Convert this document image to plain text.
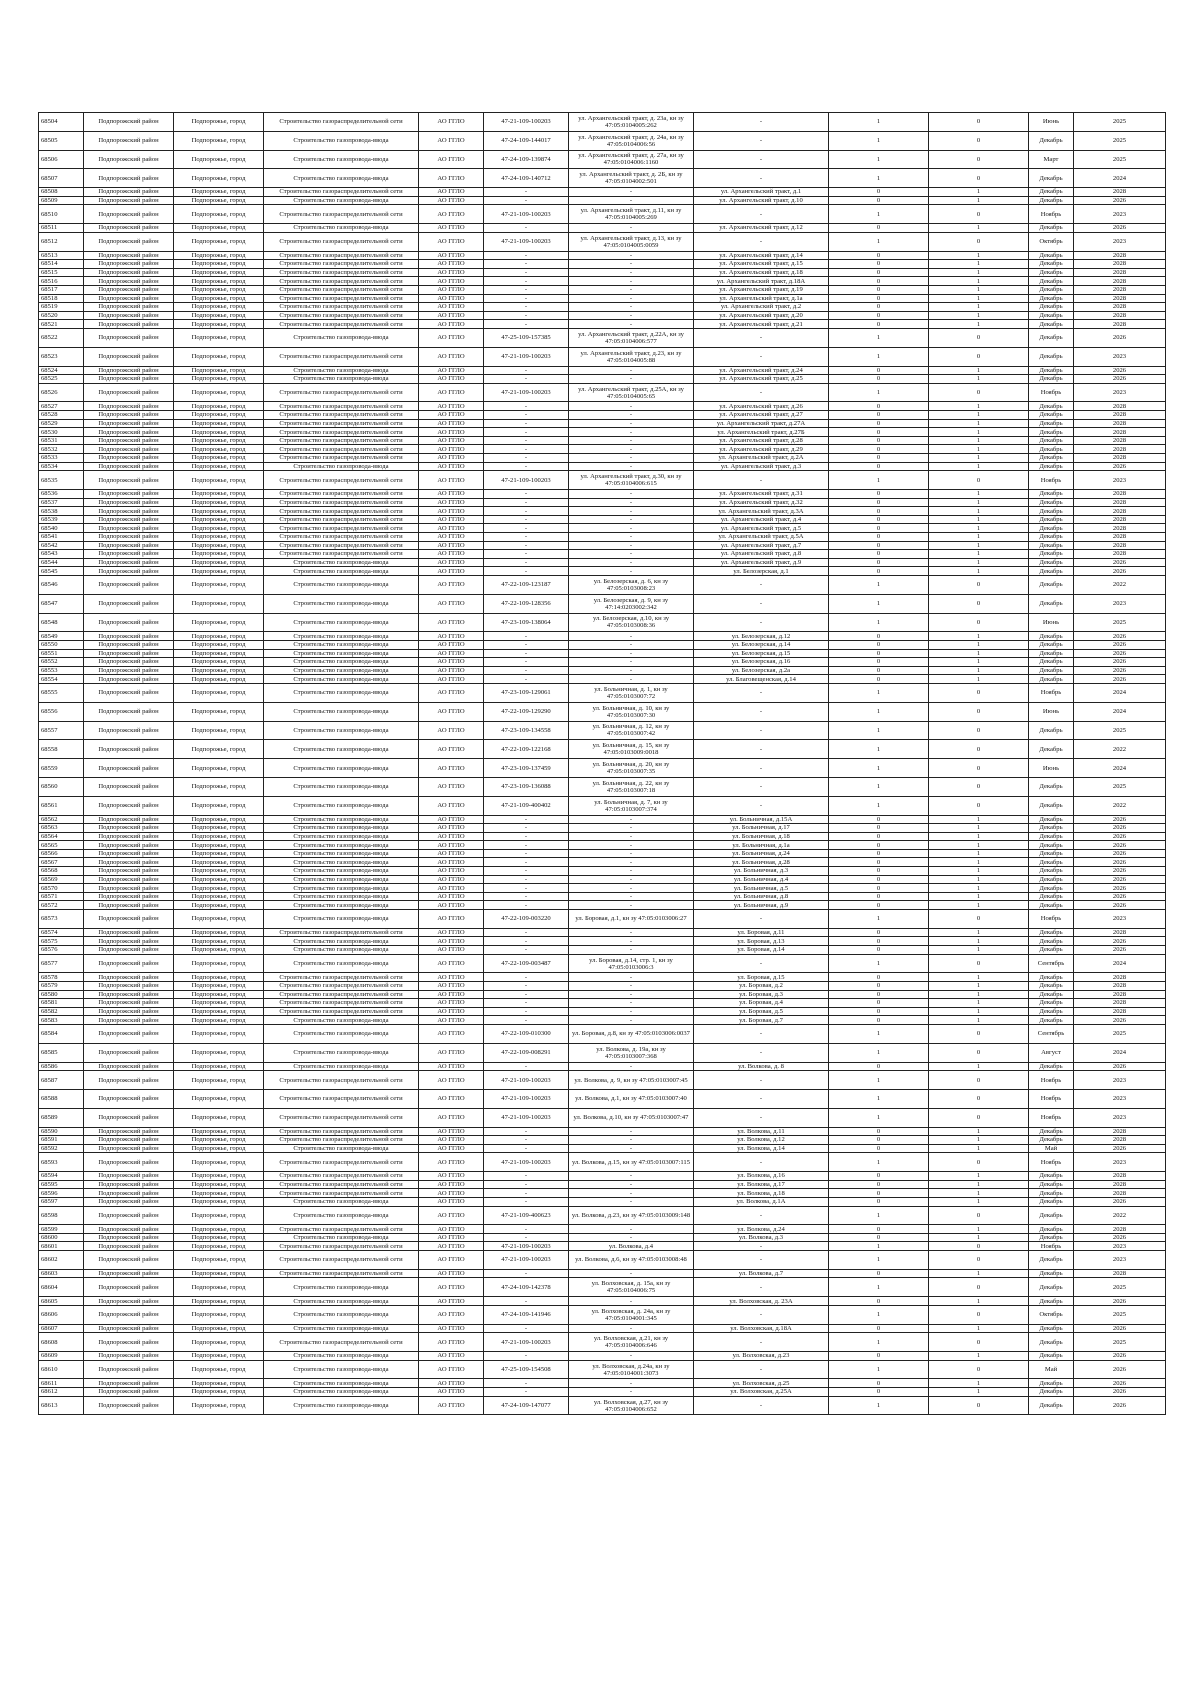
68504	Подпорожский район	Подпорожье, город	Строительство газораспределительной сети	АО ГГЛО	47-21-109-100203	ул. Архангельский тракт, д. 23а, кн зу 47:05:0104005:262	-	1	0	Июнь	2025
68505	Подпорожский район	Подпорожье, город	Строительство газопровода-ввода	АО ГГЛО	47-24-109-144017	ул. Архангельский тракт, д. 24а, кн зу 47:05:0104006:56	-	1	0	Декабрь	2025
68506	Подпорожский район	Подпорожье, город	Строительство газопровода-ввода	АО ГГЛО	47-24-109-139874	ул. Архангельский тракт, д. 27а, кн зу 47:05:0104006:1160	-	1	0	Март	2025
68507	Подпорожский район	Подпорожье, город	Строительство газопровода-ввода	АО ГГЛО	47-24-109-140712	ул. Архангельский тракт, д. 2Б, кн зу 47:05:0104002:501	-	1	0	Декабрь	2024
68508	Подпорожский район	Подпорожье, город	Строительство газораспределительной сети	АО ГГЛО	-	-	ул. Архангельский тракт, д.1	0	1	Декабрь	2028
68509	Подпорожский район	Подпорожье, город	Строительство газопровода-ввода	АО ГГЛО	-	-	ул. Архангельский тракт, д.10	0	1	Декабрь	2026
68510	Подпорожский район	Подпорожье, город	Строительство газораспределительной сети	АО ГГЛО	47-21-109-100203	ул. Архангельский тракт, д.11, кн зу 47:05:0104005:269	-	1	0	Ноябрь	2023
68511	Подпорожский район	Подпорожье, город	Строительство газопровода-ввода	АО ГГЛО	-	-	ул. Архангельский тракт, д.12	0	1	Декабрь	2026
68512	Подпорожский район	Подпорожье, город	Строительство газораспределительной сети	АО ГГЛО	47-21-109-100203	ул. Архангельский тракт, д.13, кн зу 47:05:0104005:0059	-	1	0	Октябрь	2023
68513	Подпорожский район	Подпорожье, город	Строительство газораспределительной сети	АО ГГЛО	-	-	ул. Архангельский тракт, д.14	0	1	Декабрь	2028
68514	Подпорожский район	Подпорожье, город	Строительство газораспределительной сети	АО ГГЛО	-	-	ул. Архангельский тракт, д.15	0	1	Декабрь	2028
68515	Подпорожский район	Подпорожье, город	Строительство газораспределительной сети	АО ГГЛО	-	-	ул. Архангельский тракт, д.18	0	1	Декабрь	2028
68516	Подпорожский район	Подпорожье, город	Строительство газораспределительной сети	АО ГГЛО	-	-	ул. Архангельский тракт, д.18А	0	1	Декабрь	2028
68517	Подпорожский район	Подпорожье, город	Строительство газораспределительной сети	АО ГГЛО	-	-	ул. Архангельский тракт, д.19	0	1	Декабрь	2028
68518	Подпорожский район	Подпорожье, город	Строительство газораспределительной сети	АО ГГЛО	-	-	ул. Архангельский тракт, д.1а	0	1	Декабрь	2028
68519	Подпорожский район	Подпорожье, город	Строительство газораспределительной сети	АО ГГЛО	-	-	ул. Архангельский тракт, д.2	0	1	Декабрь	2028
68520	Подпорожский район	Подпорожье, город	Строительство газораспределительной сети	АО ГГЛО	-	-	ул. Архангельский тракт, д.20	0	1	Декабрь	2028
68521	Подпорожский район	Подпорожье, город	Строительство газораспределительной сети	АО ГГЛО	-	-	ул. Архангельский тракт, д.21	0	1	Декабрь	2028
68522	Подпорожский район	Подпорожье, город	Строительство газопровода-ввода	АО ГГЛО	47-25-109-157385	ул. Архангельский тракт, д.22А, кн зу 47:05:0104006:577	-	1	0	Декабрь	2026
68523	Подпорожский район	Подпорожье, город	Строительство газораспределительной сети	АО ГГЛО	47-21-109-100203	ул. Архангельский тракт, д.23, кн зу 47:05:0104005:88	-	1	0	Декабрь	2023
68524	Подпорожский район	Подпорожье, город	Строительство газопровода-ввода	АО ГГЛО	-	-	ул. Архангельский тракт, д.24	0	1	Декабрь	2026
68525	Подпорожский район	Подпорожье, город	Строительство газопровода-ввода	АО ГГЛО	-	-	ул. Архангельский тракт, д.25	0	1	Декабрь	2026
68526	Подпорожский район	Подпорожье, город	Строительство газораспределительной сети	АО ГГЛО	47-21-109-100203	ул. Архангельский тракт, д.25А, кн зу 47:05:0104005:65	-	1	0	Ноябрь	2023
68527	Подпорожский район	Подпорожье, город	Строительство газораспределительной сети	АО ГГЛО	-	-	ул. Архангельский тракт, д.26	0	1	Декабрь	2028
68528	Подпорожский район	Подпорожье, город	Строительство газораспределительной сети	АО ГГЛО	-	-	ул. Архангельский тракт, д.27	0	1	Декабрь	2028
68529	Подпорожский район	Подпорожье, город	Строительство газораспределительной сети	АО ГГЛО	-	-	ул. Архангельский тракт, д.27А	0	1	Декабрь	2028
68530	Подпорожский район	Подпорожье, город	Строительство газораспределительной сети	АО ГГЛО	-	-	ул. Архангельский тракт, д.27Б	0	1	Декабрь	2028
68531	Подпорожский район	Подпорожье, город	Строительство газораспределительной сети	АО ГГЛО	-	-	ул. Архангельский тракт, д.28	0	1	Декабрь	2028
68532	Подпорожский район	Подпорожье, город	Строительство газораспределительной сети	АО ГГЛО	-	-	ул. Архангельский тракт, д.29	0	1	Декабрь	2028
68533	Подпорожский район	Подпорожье, город	Строительство газораспределительной сети	АО ГГЛО	-	-	ул. Архангельский тракт, д.2А	0	1	Декабрь	2028
68534	Подпорожский район	Подпорожье, город	Строительство газопровода-ввода	АО ГГЛО	-	-	ул. Архангельский тракт, д.3	0	1	Декабрь	2026
68535	Подпорожский район	Подпорожье, город	Строительство газораспределительной сети	АО ГГЛО	47-21-109-100203	ул. Архангельский тракт, д.30, кн зу 47:05:0104006:615	-	1	0	Ноябрь	2023
68536	Подпорожский район	Подпорожье, город	Строительство газораспределительной сети	АО ГГЛО	-	-	ул. Архангельский тракт, д.31	0	1	Декабрь	2028
68537	Подпорожский район	Подпорожье, город	Строительство газораспределительной сети	АО ГГЛО	-	-	ул. Архангельский тракт, д.32	0	1	Декабрь	2028
68538	Подпорожский район	Подпорожье, город	Строительство газораспределительной сети	АО ГГЛО	-	-	ул. Архангельский тракт, д.3А	0	1	Декабрь	2028
68539	Подпорожский район	Подпорожье, город	Строительство газораспределительной сети	АО ГГЛО	-	-	ул. Архангельский тракт, д.4	0	1	Декабрь	2028
68540	Подпорожский район	Подпорожье, город	Строительство газораспределительной сети	АО ГГЛО	-	-	ул. Архангельский тракт, д.5	0	1	Декабрь	2028
68541	Подпорожский район	Подпорожье, город	Строительство газораспределительной сети	АО ГГЛО	-	-	ул. Архангельский тракт, д.5А	0	1	Декабрь	2028
68542	Подпорожский район	Подпорожье, город	Строительство газораспределительной сети	АО ГГЛО	-	-	ул. Архангельский тракт, д.7	0	1	Декабрь	2028
68543	Подпорожский район	Подпорожье, город	Строительство газораспределительной сети	АО ГГЛО	-	-	ул. Архангельский тракт, д.8	0	1	Декабрь	2028
68544	Подпорожский район	Подпорожье, город	Строительство газопровода-ввода	АО ГГЛО	-	-	ул. Архангельский тракт, д.9	0	1	Декабрь	2026
68545	Подпорожский район	Подпорожье, город	Строительство газопровода-ввода	АО ГГЛО	-	-	ул. Белозерская, д.1	0	1	Декабрь	2026
68546	Подпорожский район	Подпорожье, город	Строительство газопровода-ввода	АО ГГЛО	47-22-109-123187	ул. Белозерская, д. 6, кн зу 47:05:0103008:23	-	1	0	Декабрь	2022
68547	Подпорожский район	Подпорожье, город	Строительство газопровода-ввода	АО ГГЛО	47-22-109-128356	ул. Белозерская, д. 9, кн зу 47:14:0203002:342	-	1	0	Декабрь	2023
68548	Подпорожский район	Подпорожье, город	Строительство газопровода-ввода	АО ГГЛО	47-23-109-138064	ул. Белозерская, д.10, кн зу 47:05:0103008:36	-	1	0	Июнь	2025
68549	Подпорожский район	Подпорожье, город	Строительство газопровода-ввода	АО ГГЛО	-	-	ул. Белозерская, д.12	0	1	Декабрь	2026
68550	Подпорожский район	Подпорожье, город	Строительство газопровода-ввода	АО ГГЛО	-	-	ул. Белозерская, д.14	0	1	Декабрь	2026
68551	Подпорожский район	Подпорожье, город	Строительство газопровода-ввода	АО ГГЛО	-	-	ул. Белозерская, д.15	0	1	Декабрь	2026
68552	Подпорожский район	Подпорожье, город	Строительство газопровода-ввода	АО ГГЛО	-	-	ул. Белозерская, д.16	0	1	Декабрь	2026
68553	Подпорожский район	Подпорожье, город	Строительство газопровода-ввода	АО ГГЛО	-	-	ул. Белозерская, д.2а	0	1	Декабрь	2026
68554	Подпорожский район	Подпорожье, город	Строительство газопровода-ввода	АО ГГЛО	-	-	ул. Благовещенская, д.14	0	1	Декабрь	2026
68555	Подпорожский район	Подпорожье, город	Строительство газопровода-ввода	АО ГГЛО	47-23-109-129061	ул. Больничная, д. 1, кн зу 47:05:0103007:72	-	1	0	Ноябрь	2024
68556	Подпорожский район	Подпорожье, город	Строительство газопровода-ввода	АО ГГЛО	47-22-109-129290	ул. Больничная, д. 10, кн зу 47:05:0103007:30	-	1	0	Июнь	2024
68557	Подпорожский район	Подпорожье, город	Строительство газопровода-ввода	АО ГГЛО	47-23-109-134558	ул. Больничная, д. 12, кн зу 47:05:0103007:42	-	1	0	Декабрь	2025
68558	Подпорожский район	Подпорожье, город	Строительство газопровода-ввода	АО ГГЛО	47-22-109-122168	ул. Больничная, д. 15, кн зу 47:05:0103009:0018	-	1	0	Декабрь	2022
68559	Подпорожский район	Подпорожье, город	Строительство газопровода-ввода	АО ГГЛО	47-23-109-137459	ул. Больничная, д. 20, кн зу 47:05:0103007:35	-	1	0	Июнь	2024
68560	Подпорожский район	Подпорожье, город	Строительство газопровода-ввода	АО ГГЛО	47-23-109-136088	ул. Больничная, д. 22, кн зу 47:05:0103007:18	-	1	0	Декабрь	2025
68561	Подпорожский район	Подпорожье, город	Строительство газопровода-ввода	АО ГГЛО	47-21-109-400402	ул. Больничная, д. 7, кн зу 47:05:0103007:374	-	1	0	Декабрь	2022
68562	Подпорожский район	Подпорожье, город	Строительство газопровода-ввода	АО ГГЛО	-	-	ул. Больничная, д.15А	0	1	Декабрь	2026
68563	Подпорожский район	Подпорожье, город	Строительство газопровода-ввода	АО ГГЛО	-	-	ул. Больничная, д.17	0	1	Декабрь	2026
68564	Подпорожский район	Подпорожье, город	Строительство газопровода-ввода	АО ГГЛО	-	-	ул. Больничная, д.18	0	1	Декабрь	2026
68565	Подпорожский район	Подпорожье, город	Строительство газопровода-ввода	АО ГГЛО	-	-	ул. Больничная, д.1а	0	1	Декабрь	2026
68566	Подпорожский район	Подпорожье, город	Строительство газопровода-ввода	АО ГГЛО	-	-	ул. Больничная, д.24	0	1	Декабрь	2026
68567	Подпорожский район	Подпорожье, город	Строительство газопровода-ввода	АО ГГЛО	-	-	ул. Больничная, д.28	0	1	Декабрь	2026
68568	Подпорожский район	Подпорожье, город	Строительство газопровода-ввода	АО ГГЛО	-	-	ул. Больничная, д.3	0	1	Декабрь	2026
68569	Подпорожский район	Подпорожье, город	Строительство газопровода-ввода	АО ГГЛО	-	-	ул. Больничная, д.4	0	1	Декабрь	2026
68570	Подпорожский район	Подпорожье, город	Строительство газопровода-ввода	АО ГГЛО	-	-	ул. Больничная, д.5	0	1	Декабрь	2026
68571	Подпорожский район	Подпорожье, город	Строительство газопровода-ввода	АО ГГЛО	-	-	ул. Больничная, д.8	0	1	Декабрь	2026
68572	Подпорожский район	Подпорожье, город	Строительство газопровода-ввода	АО ГГЛО	-	-	ул. Больничная, д.9	0	1	Декабрь	2026
68573	Подпорожский район	Подпорожье, город	Строительство газопровода-ввода	АО ГГЛО	47-22-109-003220	ул. Боровая, д.1, кн зу 47:05:0103006:27	-	1	0	Ноябрь	2023
68574	Подпорожский район	Подпорожье, город	Строительство газораспределительной сети	АО ГГЛО	-	-	ул. Боровая, д.11	0	1	Декабрь	2028
68575	Подпорожский район	Подпорожье, город	Строительство газопровода-ввода	АО ГГЛО	-	-	ул. Боровая, д.13	0	1	Декабрь	2026
68576	Подпорожский район	Подпорожье, город	Строительство газопровода-ввода	АО ГГЛО	-	-	ул. Боровая, д.14	0	1	Декабрь	2026
68577	Подпорожский район	Подпорожье, город	Строительство газопровода-ввода	АО ГГЛО	47-22-109-003487	ул. Боровая, д.14, стр. 1, кн зу 47:05:0103006:3	-	1	0	Сентябрь	2024
68578	Подпорожский район	Подпорожье, город	Строительство газораспределительной сети	АО ГГЛО	-	-	ул. Боровая, д.15	0	1	Декабрь	2028
68579	Подпорожский район	Подпорожье, город	Строительство газораспределительной сети	АО ГГЛО	-	-	ул. Боровая, д.2	0	1	Декабрь	2028
68580	Подпорожский район	Подпорожье, город	Строительство газораспределительной сети	АО ГГЛО	-	-	ул. Боровая, д.3	0	1	Декабрь	2028
68581	Подпорожский район	Подпорожье, город	Строительство газораспределительной сети	АО ГГЛО	-	-	ул. Боровая, д.4	0	1	Декабрь	2028
68582	Подпорожский район	Подпорожье, город	Строительство газораспределительной сети	АО ГГЛО	-	-	ул. Боровая, д.5	0	1	Декабрь	2028
68583	Подпорожский район	Подпорожье, город	Строительство газопровода-ввода	АО ГГЛО	-	-	ул. Боровая, д.7	0	1	Декабрь	2026
68584	Подпорожский район	Подпорожье, город	Строительство газопровода-ввода	АО ГГЛО	47-22-109-010300	ул. Боровая, д.8, кн зу 47:05:0103006:0037	-	1	0	Сентябрь	2025
68585	Подпорожский район	Подпорожье, город	Строительство газопровода-ввода	АО ГГЛО	47-22-109-008291	ул. Волкова, д. 19а, кн зу 47:05:0103007:368	-	1	0	Август	2024
68586	Подпорожский район	Подпорожье, город	Строительство газопровода-ввода	АО ГГЛО	-	-	ул. Волкова, д. 8	0	1	Декабрь	2026
68587	Подпорожский район	Подпорожье, город	Строительство газораспределительной сети	АО ГГЛО	47-21-109-100203	ул. Волкова, д. 9, кн зу 47:05:0103007:45	-	1	0	Ноябрь	2023
68588	Подпорожский район	Подпорожье, город	Строительство газораспределительной сети	АО ГГЛО	47-21-109-100203	ул. Волкова, д.1, кн зу 47:05:0103007:40	-	1	0	Ноябрь	2023
68589	Подпорожский район	Подпорожье, город	Строительство газораспределительной сети	АО ГГЛО	47-21-109-100203	ул. Волкова, д.10, кн зу 47:05:0103007:47	-	1	0	Ноябрь	2023
68590	Подпорожский район	Подпорожье, город	Строительство газораспределительной сети	АО ГГЛО	-	-	ул. Волкова, д.11	0	1	Декабрь	2028
68591	Подпорожский район	Подпорожье, город	Строительство газораспределительной сети	АО ГГЛО	-	-	ул. Волкова, д.12	0	1	Декабрь	2028
68592	Подпорожский район	Подпорожье, город	Строительство газопровода-ввода	АО ГГЛО	-	-	ул. Волкова, д.14	0	1	Май	2026
68593	Подпорожский район	Подпорожье, город	Строительство газораспределительной сети	АО ГГЛО	47-21-109-100203	ул. Волкова, д.15, кн зу 47:05:0103007:115	-	1	0	Ноябрь	2023
68594	Подпорожский район	Подпорожье, город	Строительство газораспределительной сети	АО ГГЛО	-	-	ул. Волкова, д.16	0	1	Декабрь	2028
68595	Подпорожский район	Подпорожье, город	Строительство газораспределительной сети	АО ГГЛО	-	-	ул. Волкова, д.17	0	1	Декабрь	2028
68596	Подпорожский район	Подпорожье, город	Строительство газораспределительной сети	АО ГГЛО	-	-	ул. Волкова, д.18	0	1	Декабрь	2028
68597	Подпорожский район	Подпорожье, город	Строительство газопровода-ввода	АО ГГЛО	-	-	ул. Волкова, д.1А	0	1	Декабрь	2026
68598	Подпорожский район	Подпорожье, город	Строительство газопровода-ввода	АО ГГЛО	47-21-109-400623	ул. Волкова, д.23, кн зу 47:05:0103009:148	-	1	0	Декабрь	2022
68599	Подпорожский район	Подпорожье, город	Строительство газораспределительной сети	АО ГГЛО	-	-	ул. Волкова, д.24	0	1	Декабрь	2028
68600	Подпорожский район	Подпорожье, город	Строительство газопровода-ввода	АО ГГЛО	-	-	ул. Волкова, д.3	0	1	Декабрь	2026
68601	Подпорожский район	Подпорожье, город	Строительство газораспределительной сети	АО ГГЛО	47-21-109-100203	ул. Волкова, д.4	-	1	0	Ноябрь	2023
68602	Подпорожский район	Подпорожье, город	Строительство газораспределительной сети	АО ГГЛО	47-21-109-100203	ул. Волкова, д.6, кн зу 47:05:0103008:48	-	1	0	Декабрь	2023
68603	Подпорожский район	Подпорожье, город	Строительство газораспределительной сети	АО ГГЛО	-	-	ул. Волкова, д.7	0	1	Декабрь	2028
68604	Подпорожский район	Подпорожье, город	Строительство газопровода-ввода	АО ГГЛО	47-24-109-142378	ул. Волховская, д. 15а, кн зу 47:05:0104006:75	-	1	0	Декабрь	2025
68605	Подпорожский район	Подпорожье, город	Строительство газопровода-ввода	АО ГГЛО	-	-	ул. Волховская, д. 23А	0	1	Декабрь	2026
68606	Подпорожский район	Подпорожье, город	Строительство газопровода-ввода	АО ГГЛО	47-24-109-141946	ул. Волховская, д. 24а, кн зу 47:05:0104001:345	-	1	0	Октябрь	2025
68607	Подпорожский район	Подпорожье, город	Строительство газопровода-ввода	АО ГГЛО	-	-	ул. Волховская, д.18А	0	1	Декабрь	2026
68608	Подпорожский район	Подпорожье, город	Строительство газораспределительной сети	АО ГГЛО	47-21-109-100203	ул. Волховская, д.21, кн зу 47:05:0104006:646	-	1	0	Декабрь	2025
68609	Подпорожский район	Подпорожье, город	Строительство газопровода-ввода	АО ГГЛО	-	-	ул. Волховская, д.23	0	1	Декабрь	2026
68610	Подпорожский район	Подпорожье, город	Строительство газопровода-ввода	АО ГГЛО	47-25-109-154508	ул. Волховская, д.24а, кн зу 47:05:0104001:3073	-	1	0	Май	2026
68611	Подпорожский район	Подпорожье, город	Строительство газопровода-ввода	АО ГГЛО	-	-	ул. Волховская, д.25	0	1	Декабрь	2026
68612	Подпорожский район	Подпорожье, город	Строительство газопровода-ввода	АО ГГЛО	-	-	ул. Волховская, д.25А	0	1	Декабрь	2026
68613	Подпорожский район	Подпорожье, город	Строительство газопровода-ввода	АО ГГЛО	47-24-109-147077	ул. Волховская, д.27, кн зу 47:05:0104006:652	-	1	0	Декабрь	2026
